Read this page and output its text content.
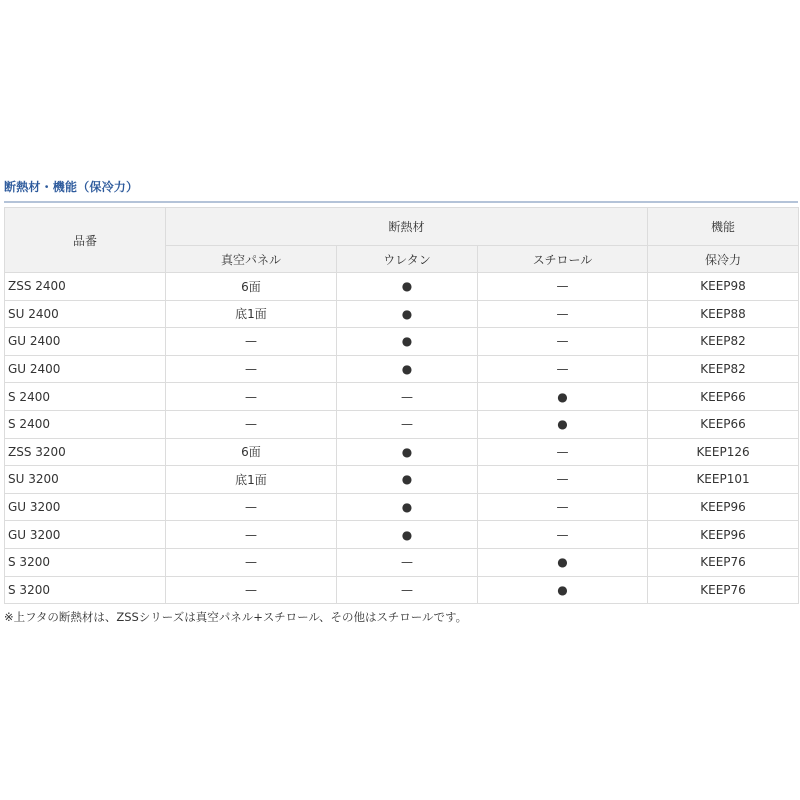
断熱材・機能（保冷力）
品番	断熱材			機能
	真空パネル	ウレタン	スチロール	保冷力
ZSS 2400	6面	●	—	KEEP98
SU 2400	底1面	●	—	KEEP88
GU 2400	—	●	—	KEEP82
GU 2400	—	●	—	KEEP82
S 2400	—	—	●	KEEP66
S 2400	—	—	●	KEEP66
ZSS 3200	6面	●	—	KEEP126
SU 3200	底1面	●	—	KEEP101
GU 3200	—	●	—	KEEP96
GU 3200	—	●	—	KEEP96
S 3200	—	—	●	KEEP76
S 3200	—	—	●	KEEP76
※上フタの断熱材は、ZSSシリーズは真空パネル+スチロール、その他はスチロールです。
